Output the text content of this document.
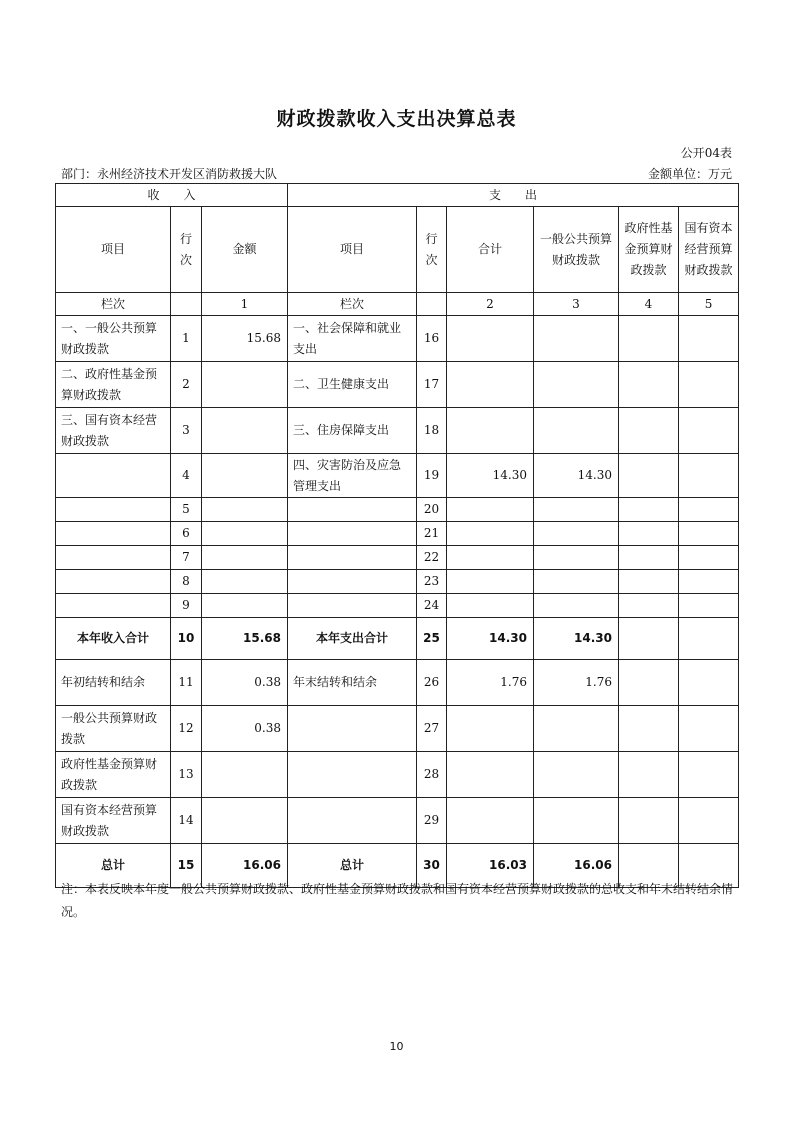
财政拨款收入支出决算总表
公开04表
部门：永州经济技术开发区消防救援大队	金额单位：万元
收　　入			支　　出					
项目	行次	金额	项目	行次	合计	一般公共预算财政拨款	政府性基金预算财政拨款	国有资本经营预算财政拨款
栏次		1	栏次		2	3	4	5
一、一般公共预算财政拨款	1	15.68	一、社会保障和就业支出	16				
二、政府性基金预算财政拨款	2		二、卫生健康支出	17				
三、国有资本经营财政拨款	3		三、住房保障支出	18				
	4		四、灾害防治及应急管理支出	19	14.30	14.30		
	5			20				
	6			21				
	7			22				
	8			23				
	9			24				
本年收入合计	10	15.68	本年支出合计	25	14.30	14.30		
年初结转和结余	11	0.38	年末结转和结余	26	1.76	1.76		
一般公共预算财政拨款	12	0.38		27				
政府性基金预算财政拨款	13			28				
国有资本经营预算财政拨款	14			29				
总计	15	16.06	总计	30	16.03	16.06		
注：本表反映本年度一般公共预算财政拨款、政府性基金预算财政拨款和国有资本经营预算财政拨款的总收支和年末结转结余情况。
10
